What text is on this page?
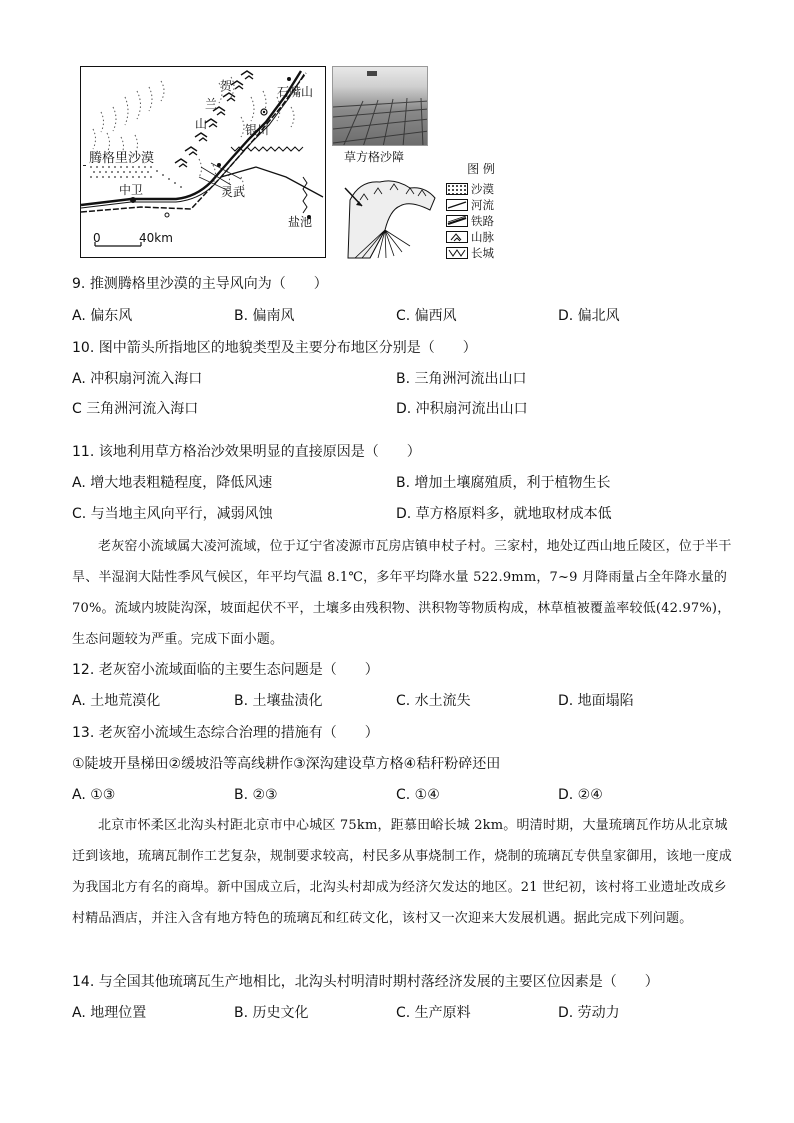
贺
兰
山
石嘴山
银川
腾格里沙漠
中卫	灵武
盐池
0	40km
草方格沙障
图 例
沙漠
河流
铁路
山脉
长城
9. 推测腾格里沙漠的主导风向为（　　）
A. 偏东风	B. 偏南风	C. 偏西风	D. 偏北风
10. 图中箭头所指地区的地貌类型及主要分布地区分别是（　　）
A. 冲积扇河流入海口	B. 三角洲河流出山口
C 三角洲河流入海口	D. 冲积扇河流出山口
11. 该地利用草方格治沙效果明显的直接原因是（　　）
A. 增大地表粗糙程度，降低风速	B. 增加土壤腐殖质，利于植物生长
C. 与当地主风向平行，减弱风蚀	D. 草方格原料多，就地取材成本低
老灰窑小流域属大凌河流域，位于辽宁省凌源市瓦房店镇申杖子村。三家村，地处辽西山地丘陵区，位于半干旱、半湿润大陆性季风气候区，年平均气温 8.1℃，多年平均降水量 522.9mm，7~9 月降雨量占全年降水量的 70%。流域内坡陡沟深，坡面起伏不平，土壤多由残积物、洪积物等物质构成，林草植被覆盖率较低(42.97%)，生态问题较为严重。完成下面小题。
12. 老灰窑小流域面临的主要生态问题是（　　）
A. 土地荒漠化	B. 土壤盐渍化	C. 水土流失	D. 地面塌陷
13. 老灰窑小流域生态综合治理的措施有（　　）
①陡坡开垦梯田②缓坡沿等高线耕作③深沟建设草方格④秸秆粉碎还田
A. ①③	B. ②③	C. ①④	D. ②④
北京市怀柔区北沟头村距北京市中心城区 75km，距慕田峪长城 2km。明清时期，大量琉璃瓦作坊从北京城迁到该地，琉璃瓦制作工艺复杂，规制要求较高，村民多从事烧制工作，烧制的琉璃瓦专供皇家御用，该地一度成为我国北方有名的商埠。新中国成立后，北沟头村却成为经济欠发达的地区。21 世纪初，该村将工业遗址改成乡村精品酒店，并注入含有地方特色的琉璃瓦和红砖文化，该村又一次迎来大发展机遇。据此完成下列问题。
14. 与全国其他琉璃瓦生产地相比，北沟头村明清时期村落经济发展的主要区位因素是（　　）
A. 地理位置	B. 历史文化	C. 生产原料	D. 劳动力
